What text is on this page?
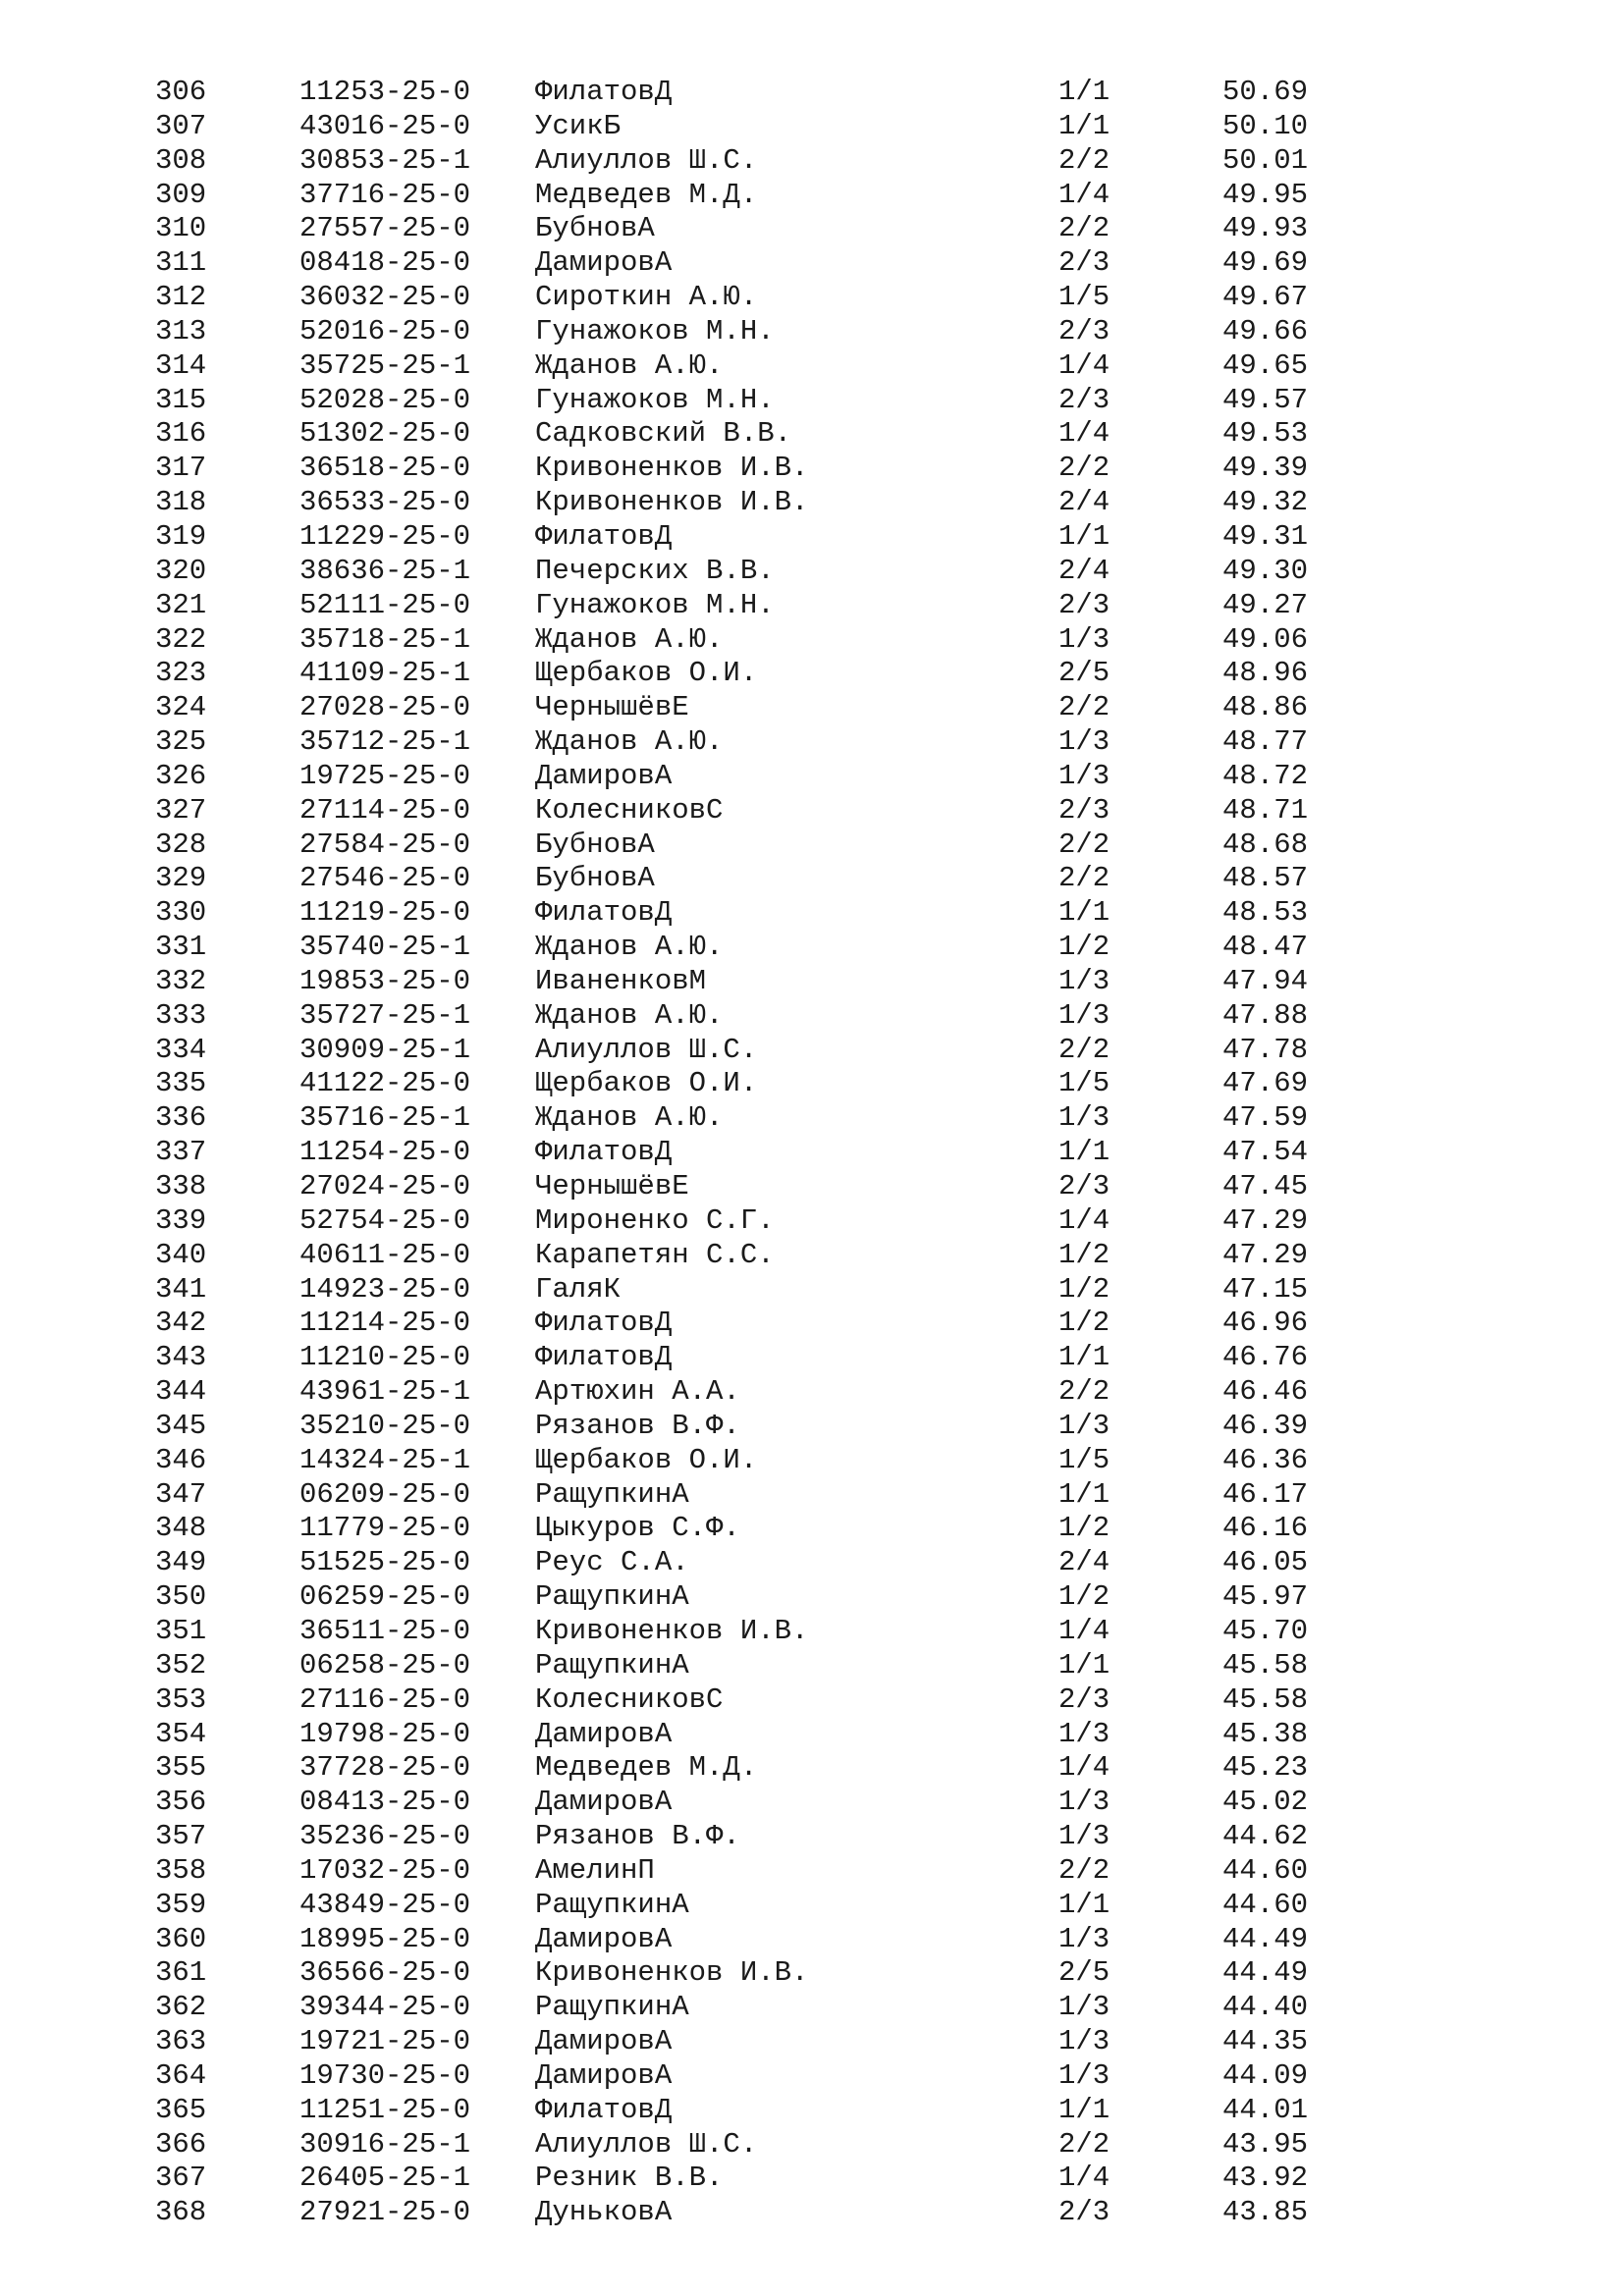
306	11253-25-0 ФилатовД	1/1	50.69
307	43016-25-0 УсикБ	1/1	50.10
308	30853-25-1 Алиуллов Ш.С.	2/2	50.01
309	37716-25-0 Медведев М.Д.	1/4	49.95
310	27557-25-0 БубновА	2/2	49.93
311	08418-25-0 ДамировА	2/3	49.69
312	36032-25-0 Сироткин А.Ю.	1/5	49.67
313	52016-25-0 Гунажоков М.Н.	2/3	49.66
314	35725-25-1 Жданов А.Ю.	1/4	49.65
315	52028-25-0 Гунажоков М.Н.	2/3	49.57
316	51302-25-0 Садковский В.В.	1/4	49.53
317	36518-25-0 Кривоненков И.В.	2/2	49.39
318	36533-25-0 Кривоненков И.В.	2/4	49.32
319	11229-25-0 ФилатовД	1/1	49.31
320	38636-25-1 Печерских В.В.	2/4	49.30
321	52111-25-0 Гунажоков М.Н.	2/3	49.27
322	35718-25-1 Жданов А.Ю.	1/3	49.06
323	41109-25-1 Щербаков О.И.	2/5	48.96
324	27028-25-0 ЧернышёвЕ	2/2	48.86
325	35712-25-1 Жданов А.Ю.	1/3	48.77
326	19725-25-0 ДамировА	1/3	48.72
327	27114-25-0 КолесниковС	2/3	48.71
328	27584-25-0 БубновА	2/2	48.68
329	27546-25-0 БубновА	2/2	48.57
330	11219-25-0 ФилатовД	1/1	48.53
331	35740-25-1 Жданов А.Ю.	1/2	48.47
332	19853-25-0 ИваненковМ	1/3	47.94
333	35727-25-1 Жданов А.Ю.	1/3	47.88
334	30909-25-1 Алиуллов Ш.С.	2/2	47.78
335	41122-25-0 Щербаков О.И.	1/5	47.69
336	35716-25-1 Жданов А.Ю.	1/3	47.59
337	11254-25-0 ФилатовД	1/1	47.54
338	27024-25-0 ЧернышёвЕ	2/3	47.45
339	52754-25-0 Мироненко С.Г.	1/4	47.29
340	40611-25-0 Карапетян С.С.	1/2	47.29
341	14923-25-0 ГаляК	1/2	47.15
342	11214-25-0 ФилатовД	1/2	46.96
343	11210-25-0 ФилатовД	1/1	46.76
344	43961-25-1 Артюхин А.А.	2/2	46.46
345	35210-25-0 Рязанов В.Ф.	1/3	46.39
346	14324-25-1 Щербаков О.И.	1/5	46.36
347	06209-25-0 РащупкинА	1/1	46.17
348	11779-25-0 Цыкуров С.Ф.	1/2	46.16
349	51525-25-0 Реус С.А.	2/4	46.05
350	06259-25-0 РащупкинА	1/2	45.97
351	36511-25-0 Кривоненков И.В.	1/4	45.70
352	06258-25-0 РащупкинА	1/1	45.58
353	27116-25-0 КолесниковС	2/3	45.58
354	19798-25-0 ДамировА	1/3	45.38
355	37728-25-0 Медведев М.Д.	1/4	45.23
356	08413-25-0 ДамировА	1/3	45.02
357	35236-25-0 Рязанов В.Ф.	1/3	44.62
358	17032-25-0 АмелинП	2/2	44.60
359	43849-25-0 РащупкинА	1/1	44.60
360	18995-25-0 ДамировА	1/3	44.49
361	36566-25-0 Кривоненков И.В.	2/5	44.49
362	39344-25-0 РащупкинА	1/3	44.40
363	19721-25-0 ДамировА	1/3	44.35
364	19730-25-0 ДамировА	1/3	44.09
365	11251-25-0 ФилатовД	1/1	44.01
366	30916-25-1 Алиуллов Ш.С.	2/2	43.95
367	26405-25-1 Резник В.В.	1/4	43.92
368	27921-25-0 ДуньковА	2/3	43.85
